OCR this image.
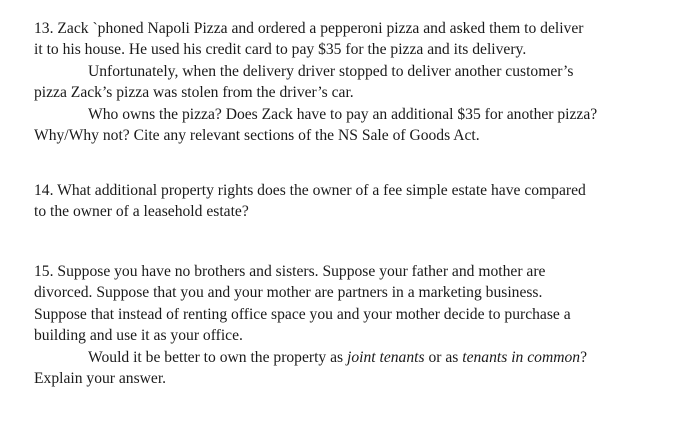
13. Zack `phoned Napoli Pizza and ordered a pepperoni pizza and asked them to deliver
it to his house. He used his credit card to pay $35 for the pizza and its delivery.
Unfortunately, when the delivery driver stopped to deliver another customer’s
pizza Zack’s pizza was stolen from the driver’s car.
Who owns the pizza? Does Zack have to pay an additional $35 for another pizza?
Why/Why not? Cite any relevant sections of the NS Sale of Goods Act.

14. What additional property rights does the owner of a fee simple estate have compared
to the owner of a leasehold estate?

15. Suppose you have no brothers and sisters. Suppose your father and mother are
divorced. Suppose that you and your mother are partners in a marketing business.
Suppose that instead of renting office space you and your mother decide to purchase a
building and use it as your office.
Would it be better to own the property as joint tenants or as tenants in common?
Explain your answer.
